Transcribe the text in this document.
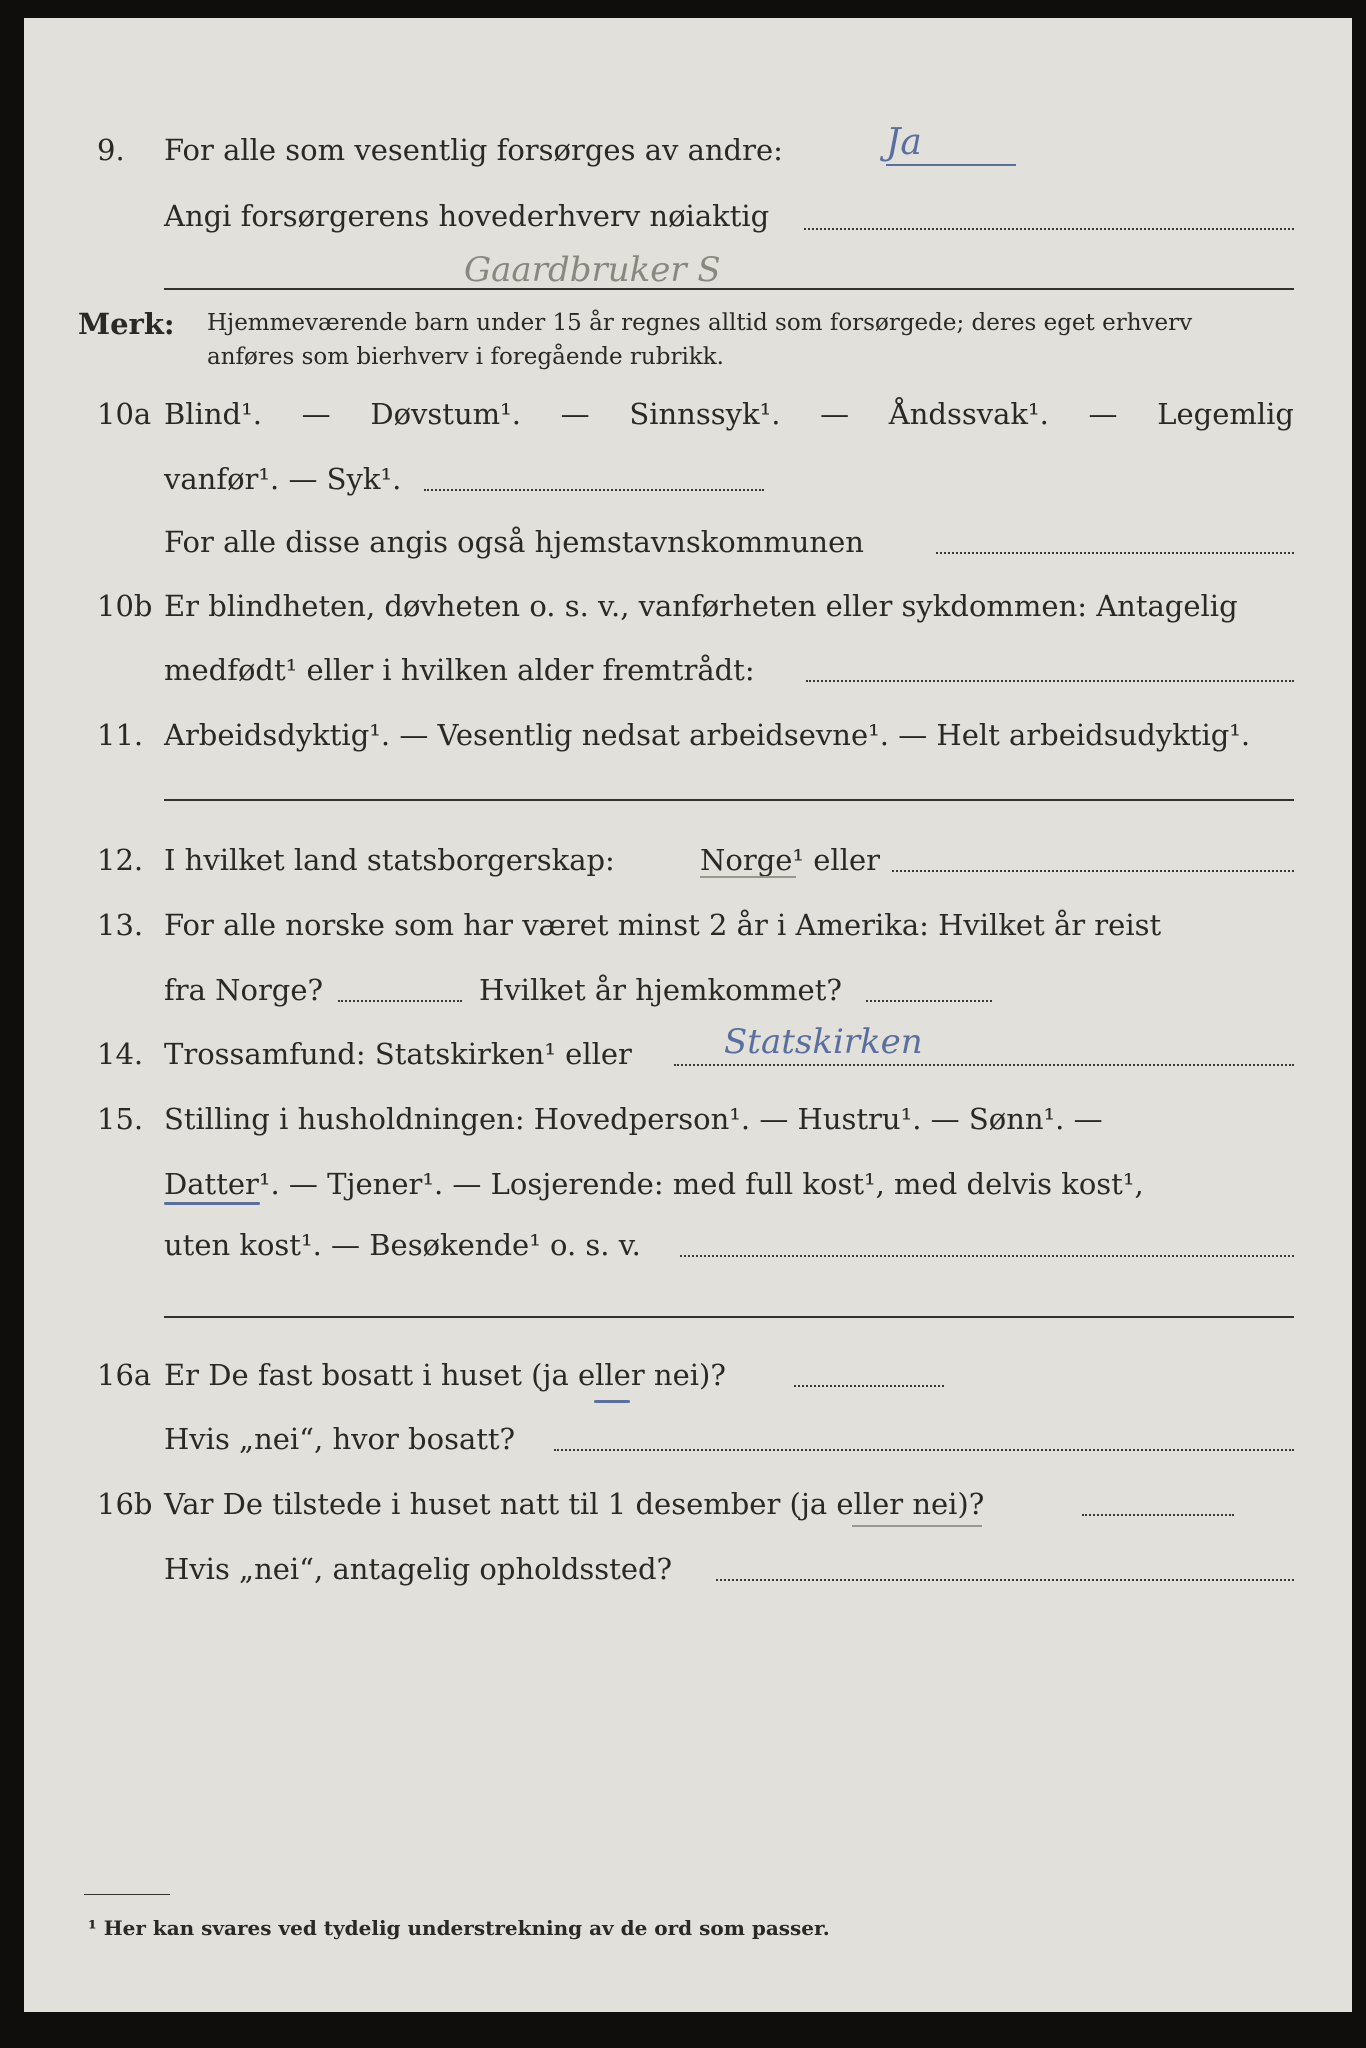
9. For alle som vesentlig forsørges av andre:	Ja
Angi forsørgerens hovederhverv nøiaktig
Gaardbruker S
Merk: Hjemmeværende barn under 15 år regnes alltid som forsørgede; deres eget erhverv
anføres som bierhverv i foregående rubrikk.
10a Blind¹. — Døvstum¹. — Sinnssyk¹. — Åndssvak¹. — Legemlig
vanfør¹. — Syk¹.
For alle disse angis også hjemstavnskommunen
10b Er blindheten, døvheten o. s. v., vanførheten eller sykdommen: Antagelig
medfødt¹ eller i hvilken alder fremtrådt:
11. Arbeidsdyktig¹. — Vesentlig nedsat arbeidsevne¹. — Helt arbeidsudyktig¹.
12. I hvilket land statsborgerskap:	Norge¹ eller
13. For alle norske som har været minst 2 år i Amerika: Hvilket år reist
fra Norge?	Hvilket år hjemkommet?
14. Trossamfund: Statskirken¹ eller	Statskirken
15. Stilling i husholdningen: Hovedperson¹. — Hustru¹. — Sønn¹. —
Datter¹. — Tjener¹. — Losjerende: med full kost¹, med delvis kost¹,
uten kost¹. — Besøkende¹ o. s. v.
16a Er De fast bosatt i huset (ja eller nei)?
Hvis „nei“, hvor bosatt?
16b Var De tilstede i huset natt til 1 desember (ja eller nei)?
Hvis „nei“, antagelig opholdssted?
¹ Her kan svares ved tydelig understrekning av de ord som passer.
